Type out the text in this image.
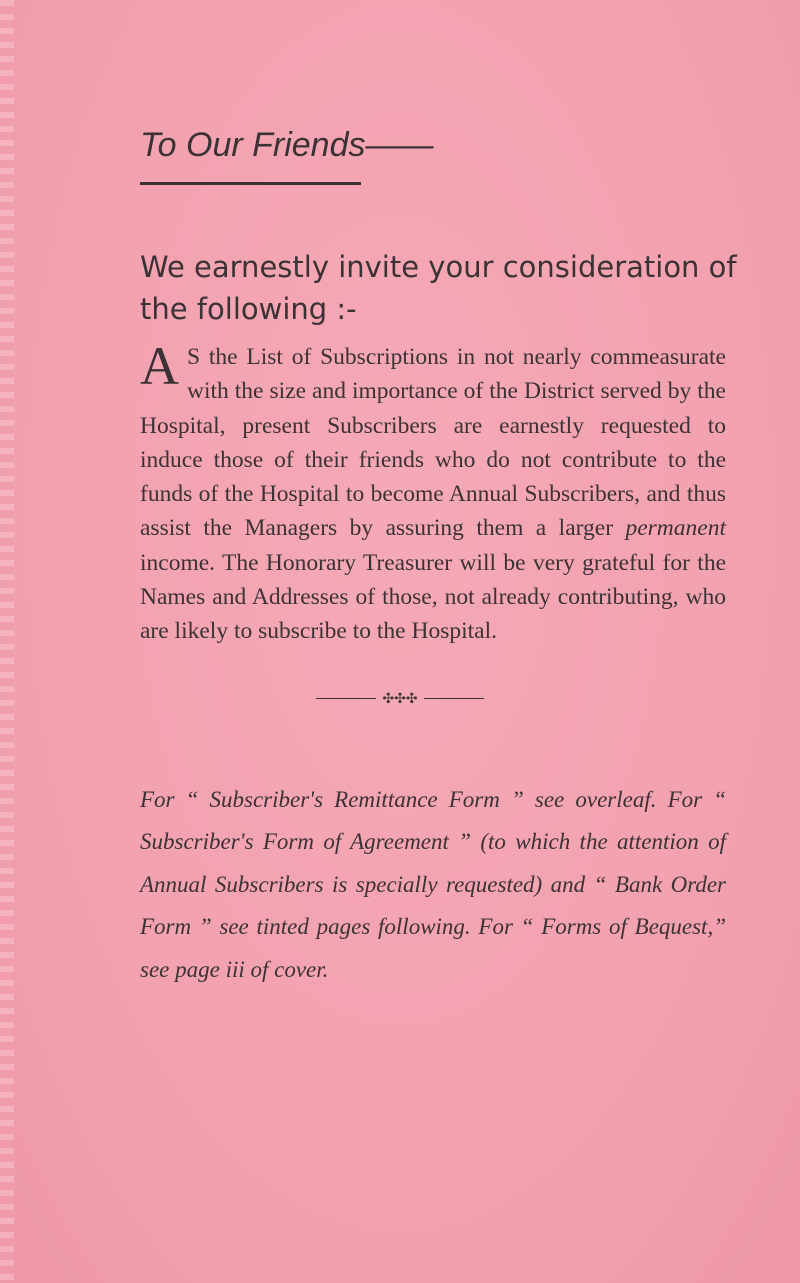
To Our Friends——
We earnestly invite your consideration of the following :-
A S the List of Subscriptions in not nearly commeasurate with the size and importance of the District served by the Hospital, present Subscribers are earnestly requested to induce those of their friends who do not contribute to the funds of the Hospital to become Annual Subscribers, and thus assist the Managers by assuring them a larger permanent income. The Honorary Treasurer will be very grateful for the Names and Addresses of those, not already contributing, who are likely to subscribe to the Hospital.
✣✣✣
For “ Subscriber's Remittance Form ” see overleaf. For “ Subscriber's Form of Agreement ” (to which the attention of Annual Subscribers is specially requested) and “ Bank Order Form ” see tinted pages following. For “ Forms of Bequest,” see page iii of cover.
